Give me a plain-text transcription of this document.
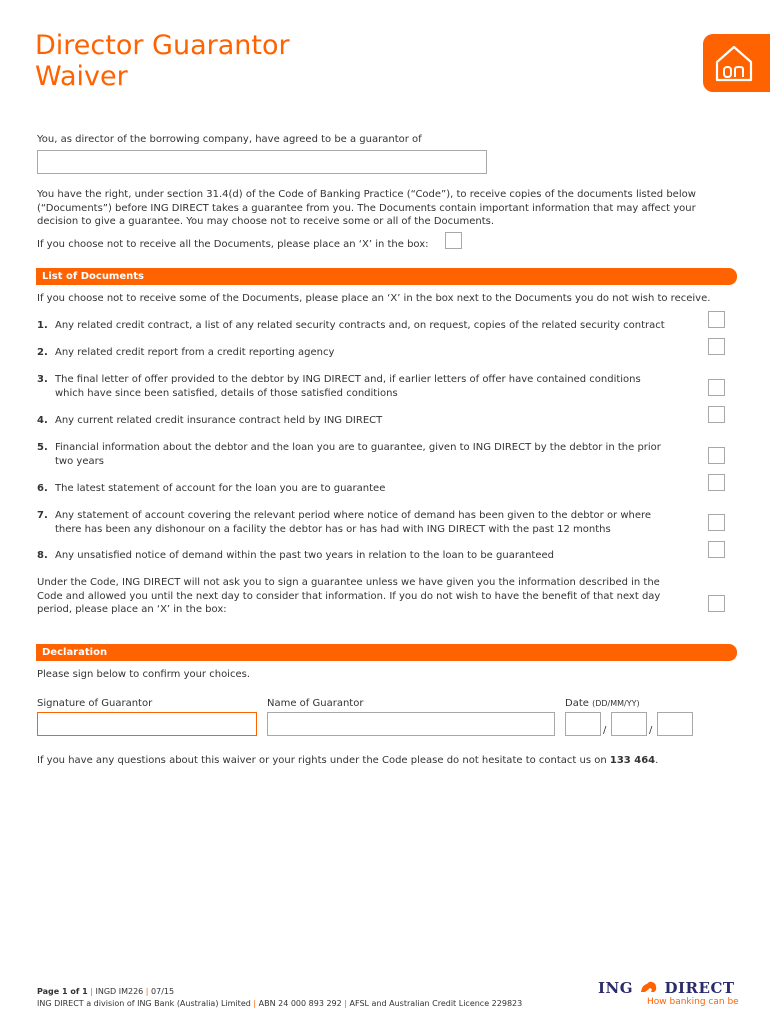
Director Guarantor
Waiver
You, as director of the borrowing company, have agreed to be a guarantor of
You have the right, under section 31.4(d) of the Code of Banking Practice (“Code”), to receive copies of the documents listed below (“Documents”) before ING DIRECT takes a guarantee from you. The Documents contain important information that may affect your decision to give a guarantee. You may choose not to receive some or all of the Documents.
If you choose not to receive all the Documents, please place an ‘X’ in the box:
List of Documents
If you choose not to receive some of the Documents, please place an ‘X’ in the box next to the Documents you do not wish to receive.
1. Any related credit contract, a list of any related security contracts and, on request, copies of the related security contract
2. Any related credit report from a credit reporting agency
3. The final letter of offer provided to the debtor by ING DIRECT and, if earlier letters of offer have contained conditions which have since been satisfied, details of those satisfied conditions
4. Any current related credit insurance contract held by ING DIRECT
5. Financial information about the debtor and the loan you are to guarantee, given to ING DIRECT by the debtor in the prior two years
6. The latest statement of account for the loan you are to guarantee
7. Any statement of account covering the relevant period where notice of demand has been given to the debtor or where there has been any dishonour on a facility the debtor has or has had with ING DIRECT with the past 12 months
8. Any unsatisfied notice of demand within the past two years in relation to the loan to be guaranteed
Under the Code, ING DIRECT will not ask you to sign a guarantee unless we have given you the information described in the Code and allowed you until the next day to consider that information. If you do not wish to have the benefit of that next day period, please place an ‘X’ in the box:
Declaration
Please sign below to confirm your choices.
Signature of Guarantor	Name of Guarantor	Date (DD/MM/YY)
/	/
If you have any questions about this waiver or your rights under the Code please do not hesitate to contact us on 133 464.
Page 1 of 1 | INGD IM226 | 07/15
ING DIRECT a division of ING Bank (Australia) Limited | ABN 24 000 893 292 | AFSL and Australian Credit Licence 229823
ING DIRECT
How banking can be
